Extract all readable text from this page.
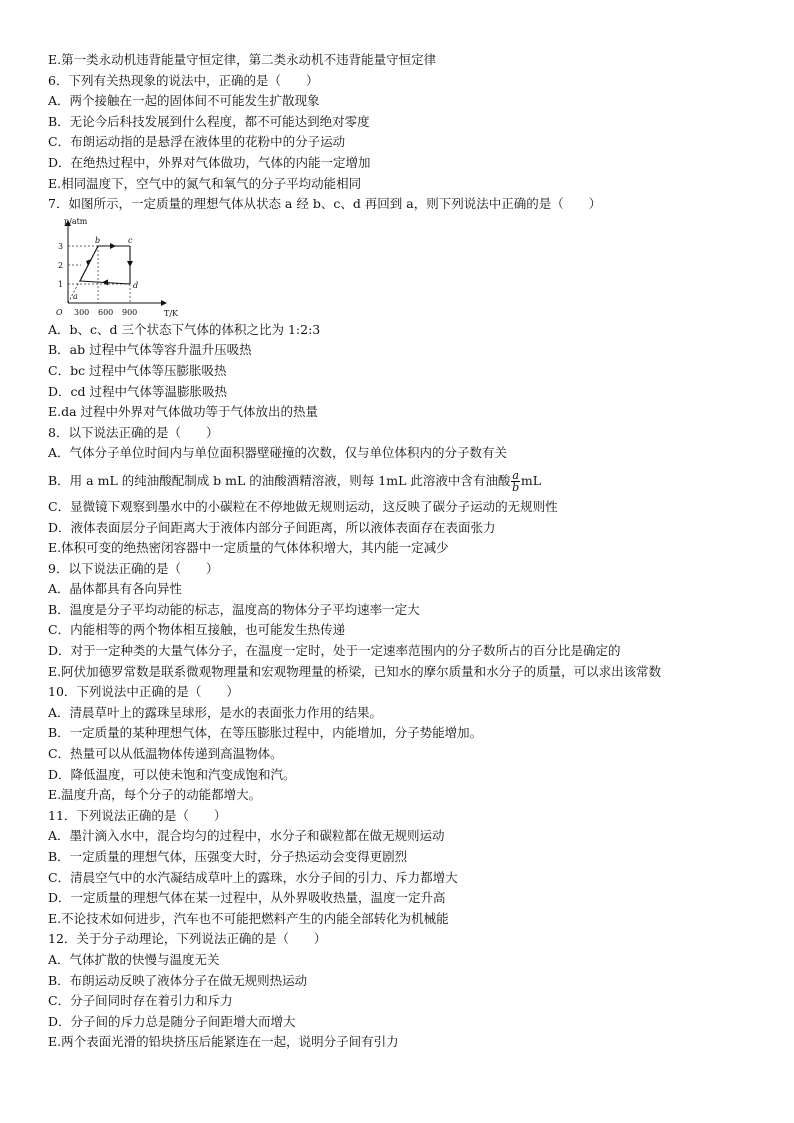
E.第一类永动机违背能量守恒定律，第二类永动机不违背能量守恒定律
6．下列有关热现象的说法中，正确的是（　　）
A．两个接触在一起的固体间不可能发生扩散现象
B．无论今后科技发展到什么程度，都不可能达到绝对零度
C．布朗运动指的是悬浮在液体里的花粉中的分子运动
D．在绝热过程中，外界对气体做功，气体的内能一定增加
E.相同温度下，空气中的氮气和氧气的分子平均动能相同
7．如图所示，一定质量的理想气体从状态 a 经 b、c、d 再回到 a，则下列说法中正确的是（　　）
p/atm
T/K
O
1
2
3
300 600 900
a
b	c
d
A．b、c、d 三个状态下气体的体积之比为 1:2:3
B．ab 过程中气体等容升温升压吸热
C．bc 过程中气体等压膨胀吸热
D．cd 过程中气体等温膨胀吸热
E.da 过程中外界对气体做功等于气体放出的热量
8．以下说法正确的是（　　）
A．气体分子单位时间内与单位面积器壁碰撞的次数，仅与单位体积内的分子数有关
B．用 a mL 的纯油酸配制成 b mL 的油酸酒精溶液，则每 1mL 此溶液中含有油酸 $\frac{a}{b}$ mL
C．显微镜下观察到墨水中的小碳粒在不停地做无规则运动，这反映了碳分子运动的无规则性
D．液体表面层分子间距离大于液体内部分子间距离，所以液体表面存在表面张力
E.体积可变的绝热密闭容器中一定质量的气体体积增大，其内能一定减少
9．以下说法正确的是（　　）
A．晶体都具有各向异性
B．温度是分子平均动能的标志，温度高的物体分子平均速率一定大
C．内能相等的两个物体相互接触，也可能发生热传递
D．对于一定种类的大量气体分子，在温度一定时，处于一定速率范围内的分子数所占的百分比是确定的
E.阿伏加德罗常数是联系微观物理量和宏观物理量的桥梁，已知水的摩尔质量和水分子的质量，可以求出该常数
10．下列说法中正确的是（　　）
A．清晨草叶上的露珠呈球形，是水的表面张力作用的结果。
B．一定质量的某种理想气体，在等压膨胀过程中，内能增加，分子势能增加。
C．热量可以从低温物体传递到高温物体。
D．降低温度，可以使未饱和汽变成饱和汽。
E.温度升高，每个分子的动能都增大。
11．下列说法正确的是（　　）
A．墨汁滴入水中，混合均匀的过程中，水分子和碳粒都在做无规则运动
B．一定质量的理想气体，压强变大时，分子热运动会变得更剧烈
C．清晨空气中的水汽凝结成草叶上的露珠，水分子间的引力、斥力都增大
D．一定质量的理想气体在某一过程中，从外界吸收热量，温度一定升高
E.不论技术如何进步，汽车也不可能把燃料产生的内能全部转化为机械能
12．关于分子动理论，下列说法正确的是（　　）
A．气体扩散的快慢与温度无关
B．布朗运动反映了液体分子在做无规则热运动
C．分子间同时存在着引力和斥力
D．分子间的斥力总是随分子间距增大而增大
E.两个表面光滑的铅块挤压后能紧连在一起，说明分子间有引力
